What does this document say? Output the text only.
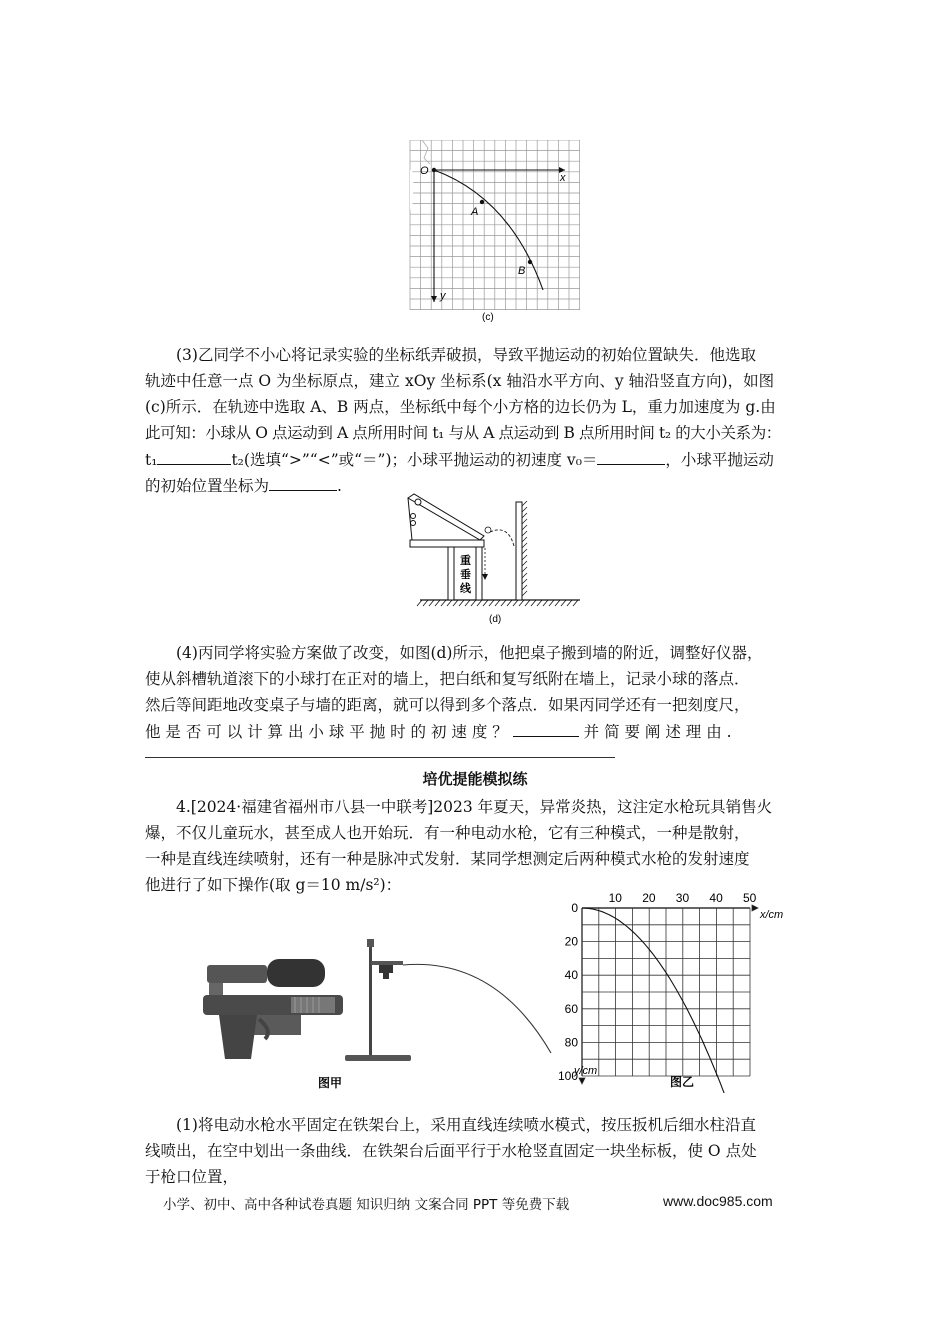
O
x
y
A
B
(c)
(3)乙同学不小心将记录实验的坐标纸弄破损，导致平抛运动的初始位置缺失．他选取
轨迹中任意一点 O 为坐标原点，建立 xOy 坐标系(x 轴沿水平方向、y 轴沿竖直方向)，如图
(c)所示．在轨迹中选取 A、B 两点，坐标纸中每个小方格的边长仍为 L，重力加速度为 g.由
此可知：小球从 O 点运动到 A 点所用时间 t₁ 与从 A 点运动到 B 点所用时间 t₂ 的大小关系为：
t₁	t₂(选填“>”“<”或“＝”)；小球平抛运动的初速度 v₀＝	，小球平抛运动
的初始位置坐标为	.
重
垂
线
(d)
(4)丙同学将实验方案做了改变，如图(d)所示，他把桌子搬到墙的附近，调整好仪器，
使从斜槽轨道滚下的小球打在正对的墙上，把白纸和复写纸附在墙上，记录小球的落点．
然后等间距地改变桌子与墙的距离，就可以得到多个落点．如果丙同学还有一把刻度尺，
他 是 否 可 以 计 算 出 小 球 平 抛 时 的 初 速 度 ？	并 简 要 阐 述 理 由 .
培优提能模拟练
4.[2024·福建省福州市八县一中联考]2023 年夏天，异常炎热，这注定水枪玩具销售火
爆，不仅儿童玩水，甚至成人也开始玩．有一种电动水枪，它有三种模式，一种是散射，
一种是直线连续喷射，还有一种是脉冲式发射．某同学想测定后两种模式水枪的发射速度
他进行了如下操作(取 g＝10 m/s²)：
图甲
10 20 30 40 50
0
20
40
60
80
100
x/cm
y/cm
图乙
(1)将电动水枪水平固定在铁架台上，采用直线连续喷水模式，按压扳机后细水柱沿直
线喷出，在空中划出一条曲线．在铁架台后面平行于水枪竖直固定一块坐标板，使 O 点处
于枪口位置，
小学、初中、高中各种试卷真题 知识归纳 文案合同 PPT 等免费下载	www.doc985.com
